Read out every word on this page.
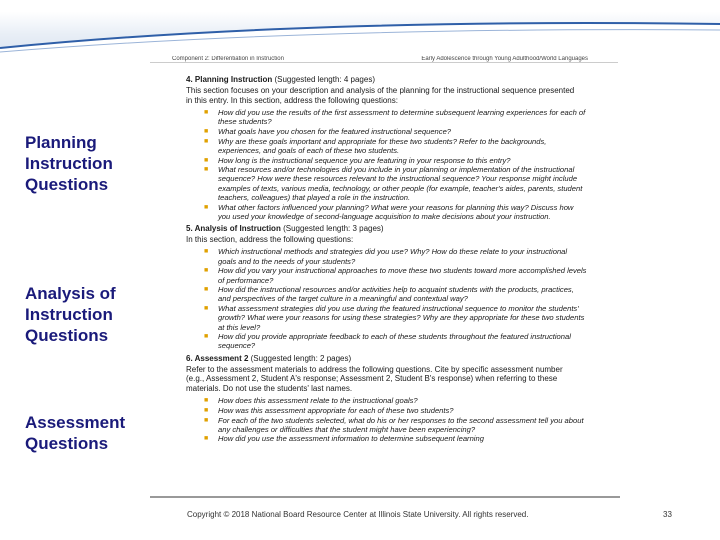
Planning
Instruction
Questions
Analysis of
Instruction
Questions
Assessment
Questions
Component 2: Differentiation in Instruction	Early Adolescence through Young Adulthood/World Languages
4. Planning Instruction (Suggested length: 4 pages)
This section focuses on your description and analysis of the planning for the instructional sequence presented in this entry. In this section, address the following questions:
■ How did you use the results of the first assessment to determine subsequent learning experiences for each of these students?
■ What goals have you chosen for the featured instructional sequence?
■ Why are these goals important and appropriate for these two students? Refer to the backgrounds, experiences, and goals of each of these two students.
■ How long is the instructional sequence you are featuring in your response to this entry?
■ What resources and/or technologies did you include in your planning or implementation of the instructional sequence? How were these resources relevant to the instructional sequence? Your response might include examples of texts, various media, technology, or other people (for example, teacher's aides, parents, student teachers, colleagues) that played a role in the instruction.
■ What other factors influenced your planning? What were your reasons for planning this way? Discuss how you used your knowledge of second-language acquisition to make decisions about your instruction.
5. Analysis of Instruction (Suggested length: 3 pages)
In this section, address the following questions:
■ Which instructional methods and strategies did you use? Why? How do these relate to your instructional goals and to the needs of your students?
■ How did you vary your instructional approaches to move these two students toward more accomplished levels of performance?
■ How did the instructional resources and/or activities help to acquaint students with the products, practices, and perspectives of the target culture in a meaningful and contextual way?
■ What assessment strategies did you use during the featured instructional sequence to monitor the students' growth? What were your reasons for using these strategies? Why are they appropriate for these two students at this level?
■ How did you provide appropriate feedback to each of these students throughout the featured instructional sequence?
6. Assessment 2 (Suggested length: 2 pages)
Refer to the assessment materials to address the following questions. Cite by specific assessment number (e.g., Assessment 2, Student A's response; Assessment 2, Student B's response) when referring to these materials. Do not use the students' last names.
■ How does this assessment relate to the instructional goals?
■ How was this assessment appropriate for each of these two students?
■ For each of the two students selected, what do his or her responses to the second assessment tell you about any challenges or difficulties that the student might have been experiencing?
■ How did you use the assessment information to determine subsequent learning
Copyright © 2018 National Board Resource Center at Illinois State University. All rights reserved.	33
